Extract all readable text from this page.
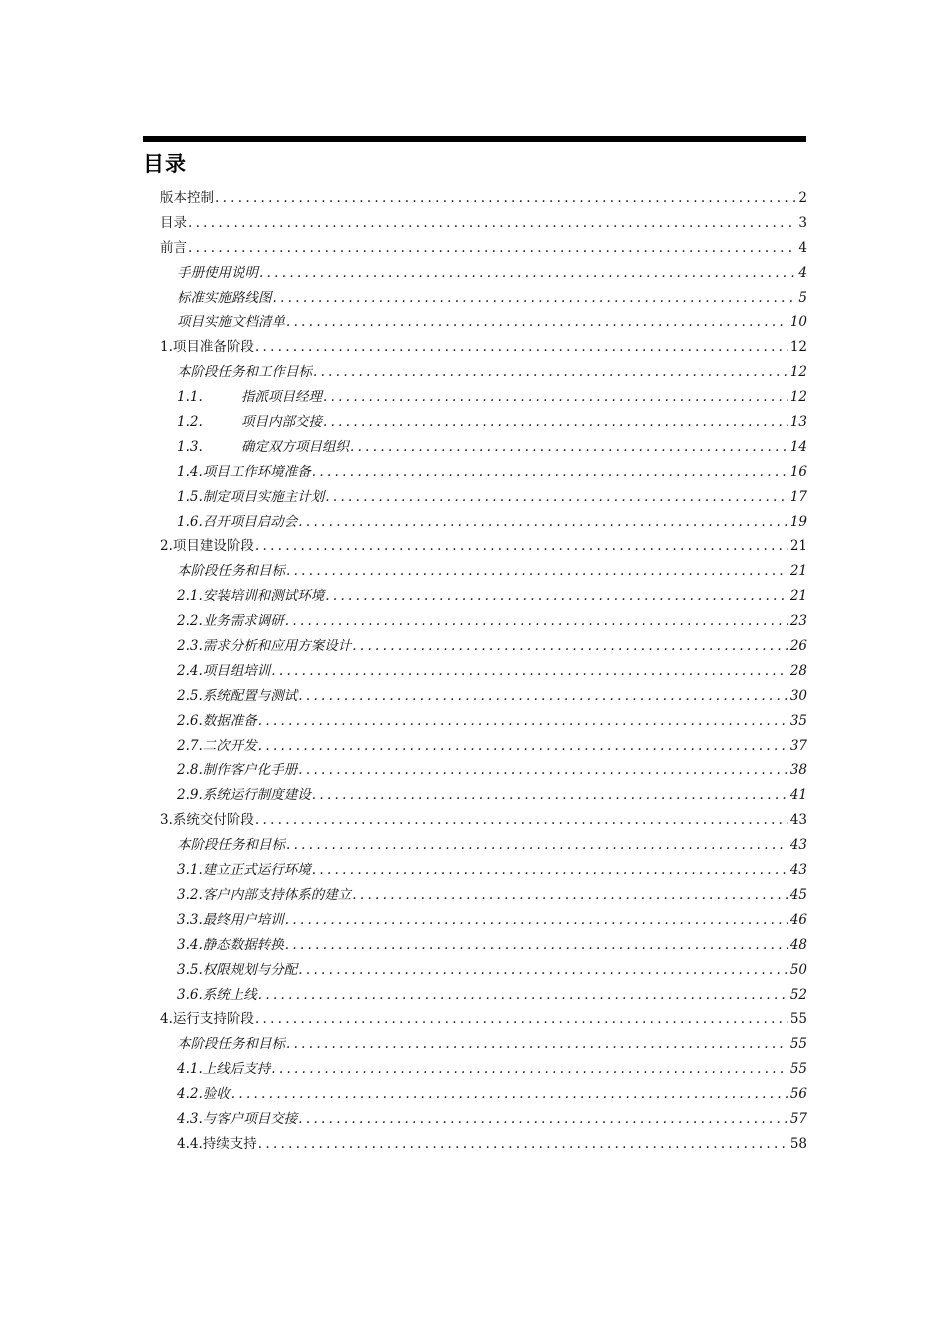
目录
版本控制 .....	2
目录 .....	3
前言 .....	4
手册使用说明 .....	4
标准实施路线图 .....	5
项目实施文档清单 .....	10
1. 项目准备阶段 .....	12
本阶段任务和工作目标 .....	12
1.1.	指派项目经理 .....	12
1.2.	项目内部交接 .....	13
1.3.	确定双方项目组织 .....	14
1.4. 项目工作环境准备 .....	16
1.5. 制定项目实施主计划 .....	17
1.6. 召开项目启动会 .....	19
2. 项目建设阶段 .....	21
本阶段任务和目标 .....	21
2.1. 安装培训和测试环境 .....	21
2.2. 业务需求调研 .....	23
2.3. 需求分析和应用方案设计 .....	26
2.4. 项目组培训 .....	28
2.5. 系统配置与测试 .....	30
2.6. 数据准备 .....	35
2.7. 二次开发 .....	37
2.8. 制作客户化手册 .....	38
2.9. 系统运行制度建设 .....	41
3. 系统交付阶段 .....	43
本阶段任务和目标 .....	43
3.1. 建立正式运行环境 .....	43
3.2. 客户内部支持体系的建立 .....	45
3.3. 最终用户培训 .....	46
3.4. 静态数据转换 .....	48
3.5. 权限规划与分配 .....	50
3.6. 系统上线 .....	52
4. 运行支持阶段 .....	55
本阶段任务和目标 .....	55
4.1. 上线后支持 .....	55
4.2. 验收 .....	56
4.3. 与客户项目交接 .....	57
4.4. 持续支持 .....	58
